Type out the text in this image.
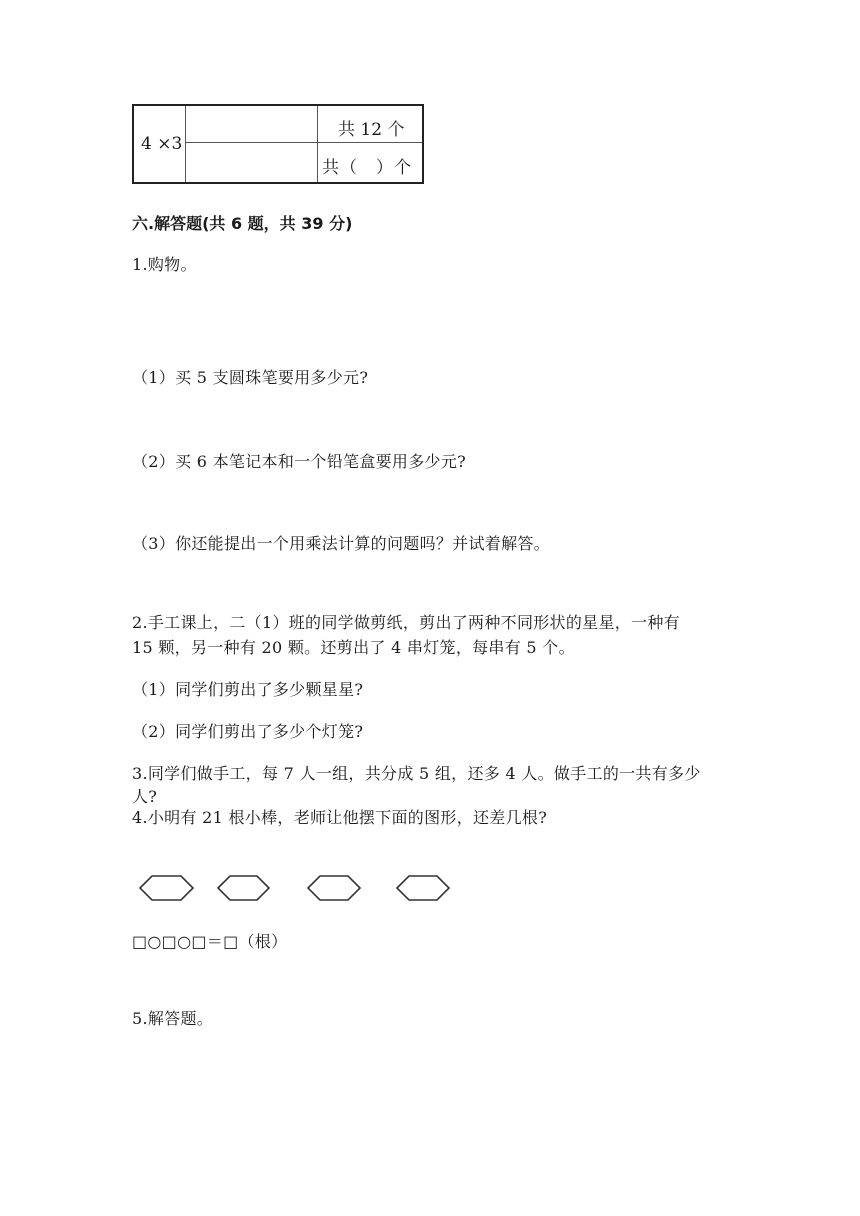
4 ×3
共 12 个
共（　）个
六.解答题(共 6 题，共 39 分)
1.购物。
（1）买 5 支圆珠笔要用多少元?
（2）买 6 本笔记本和一个铅笔盒要用多少元?
（3）你还能提出一个用乘法计算的问题吗？并试着解答。
2.手工课上，二（1）班的同学做剪纸，剪出了两种不同形状的星星，一种有
15 颗，另一种有 20 颗。还剪出了 4 串灯笼，每串有 5 个。
（1）同学们剪出了多少颗星星?
（2）同学们剪出了多少个灯笼?
3.同学们做手工，每 7 人一组，共分成 5 组，还多 4 人。做手工的一共有多少
人?
4.小明有 21 根小棒，老师让他摆下面的图形，还差几根?
□○□○□＝□（根）
5.解答题。
